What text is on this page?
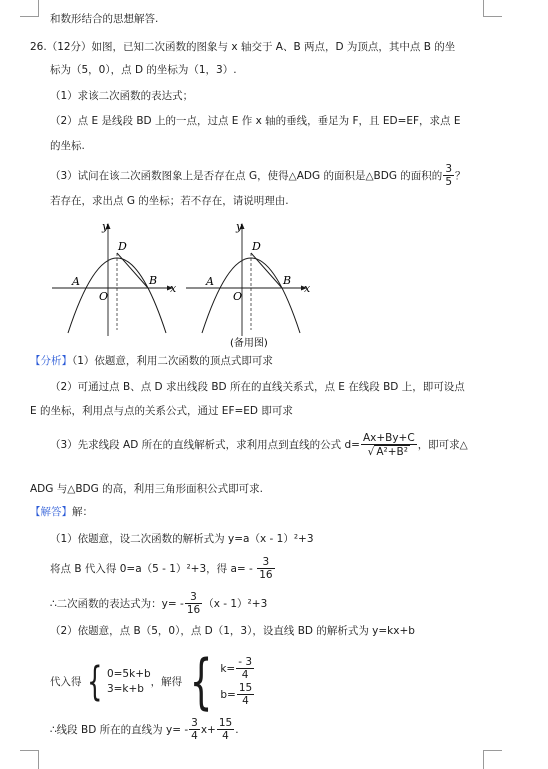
和数形结合的思想解答.
26.（12分）如图，已知二次函数的图象与 x 轴交于 A、B 两点，D 为顶点，其中点 B 的坐
标为（5，0），点 D 的坐标为（1，3）.
（1）求该二次函数的表达式；
（2）点 E 是线段 BD 上的一点，过点 E 作 x 轴的垂线，垂足为 F，且 ED=EF，求点 E
的坐标.
（3）试问在该二次函数图象上是否存在点 G，使得△ADG 的面积是△BDG 的面积的 $\frac{3}{5}$ ？
若存在，求出点 G 的坐标；若不存在，请说明理由.
y
x
D
A	B
O
y
x
D
A	B
O
(备用图)
【分析】（1）依题意，利用二次函数的顶点式即可求
（2）可通过点 B、点 D 求出线段 BD 所在的直线关系式，点 E 在线段 BD 上，即可设点
E 的坐标，利用点与点的关系公式，通过 EF=ED 即可求
（3）先求线段 AD 所在的直线解析式，求利用点到直线的公式 $d= \frac{Ax+By+C}{\text{√ A²+B²}}$ ，即可求△
ADG 与△BDG 的高，利用三角形面积公式即可求.
【解答】解：
（1）依题意，设二次函数的解析式为 y=a（x - 1）²+3
将点 B 代入得 0=a（5 - 1）²+3，得 $a= - \frac{3}{16}$
∴二次函数的表达式为：$y= - \frac{3}{16} (x - 1)^2+3$
（2）依题意，点 B（5，0），点 D（1，3），设直线 BD 的解析式为 y=kx+b
代入得 { 0=5k+b
3=k+b
，解得 { $k= \frac{- 3}{4}$
$b= \frac{15}{4}$
∴线段 BD 所在的直线为 $y= - \frac{3}{4} x+ \frac{15}{4}$ .
